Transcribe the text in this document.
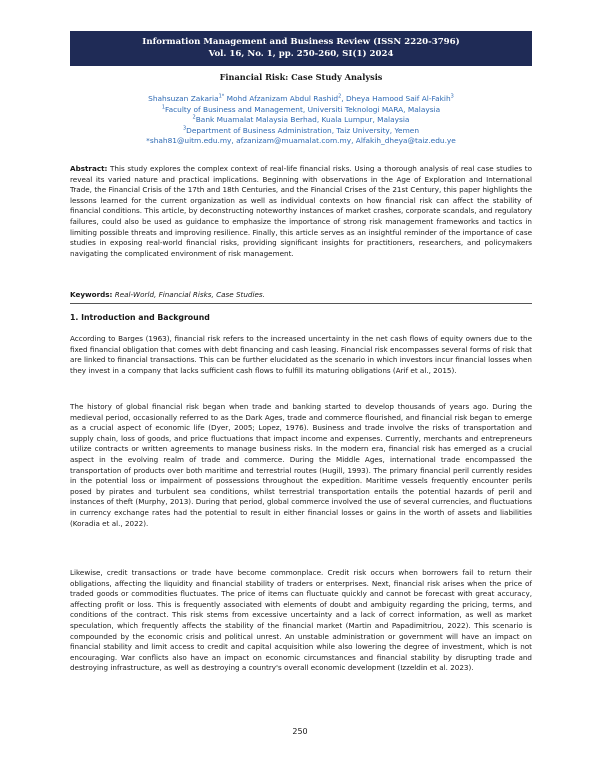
Information Management and Business Review (ISSN 2220-3796)
Vol. 16, No. 1, pp. 250-260, SI(1) 2024
Financial Risk: Case Study Analysis
Shahsuzan Zakaria$^{1*}$ Mohd Afzanizam Abdul Rashid$^2$, Dheya Hamood Saif Al-Fakih$^3$
$^1$Faculty of Business and Management, Universiti Teknologi MARA, Malaysia
$^2$Bank Muamalat Malaysia Berhad, Kuala Lumpur, Malaysia
$^3$Department of Business Administration, Taiz University, Yemen
*shah81@uitm.edu.my, afzanizam@muamalat.com.my, Alfakih_dheya@taiz.edu.ye
Abstract: This study explores the complex context of real-life financial risks. Using a thorough analysis of real case studies to reveal its varied nature and practical implications. Beginning with observations in the Age of Exploration and International Trade, the Financial Crisis of the 17th and 18th Centuries, and the Financial Crises of the 21st Century, this paper highlights the lessons learned for the current organization as well as individual contexts on how financial risk can affect the stability of financial conditions. This article, by deconstructing noteworthy instances of market crashes, corporate scandals, and regulatory failures, could also be used as guidance to emphasize the importance of strong risk management frameworks and tactics in limiting possible threats and improving resilience. Finally, this article serves as an insightful reminder of the importance of case studies in exposing real-world financial risks, providing significant insights for practitioners, researchers, and policymakers navigating the complicated environment of risk management.
Keywords: Real-World, Financial Risks, Case Studies.
1. Introduction and Background
According to Barges (1963), financial risk refers to the increased uncertainty in the net cash flows of equity owners due to the fixed financial obligation that comes with debt financing and cash leasing. Financial risk encompasses several forms of risk that are linked to financial transactions. This can be further elucidated as the scenario in which investors incur financial losses when they invest in a company that lacks sufficient cash flows to fulfill its maturing obligations (Arif et al., 2015).
The history of global financial risk began when trade and banking started to develop thousands of years ago. During the medieval period, occasionally referred to as the Dark Ages, trade and commerce flourished, and financial risk began to emerge as a crucial aspect of economic life (Dyer, 2005; Lopez, 1976). Business and trade involve the risks of transportation and supply chain, loss of goods, and price fluctuations that impact income and expenses. Currently, merchants and entrepreneurs utilize contracts or written agreements to manage business risks. In the modern era, financial risk has emerged as a crucial aspect in the evolving realm of trade and commerce. During the Middle Ages, international trade encompassed the transportation of products over both maritime and terrestrial routes (Hugill, 1993). The primary financial peril currently resides in the potential loss or impairment of possessions throughout the expedition. Maritime vessels frequently encounter perils posed by pirates and turbulent sea conditions, whilst terrestrial transportation entails the potential hazards of peril and instances of theft (Murphy, 2013). During that period, global commerce involved the use of several currencies, and fluctuations in currency exchange rates had the potential to result in either financial losses or gains in the worth of assets and liabilities (Koradia et al., 2022).
Likewise, credit transactions or trade have become commonplace. Credit risk occurs when borrowers fail to return their obligations, affecting the liquidity and financial stability of traders or enterprises. Next, financial risk arises when the price of traded goods or commodities fluctuates. The price of items can fluctuate quickly and cannot be forecast with great accuracy, affecting profit or loss. This is frequently associated with elements of doubt and ambiguity regarding the pricing, terms, and conditions of the contract. This risk stems from excessive uncertainty and a lack of correct information, as well as market speculation, which frequently affects the stability of the financial market (Martin and Papadimitriou, 2022). This scenario is compounded by the economic crisis and political unrest. An unstable administration or government will have an impact on financial stability and limit access to credit and capital acquisition while also lowering the degree of investment, which is not encouraging. War conflicts also have an impact on economic circumstances and financial stability by disrupting trade and destroying infrastructure, as well as destroying a country's overall economic development (Izzeldin et al. 2023).
250
